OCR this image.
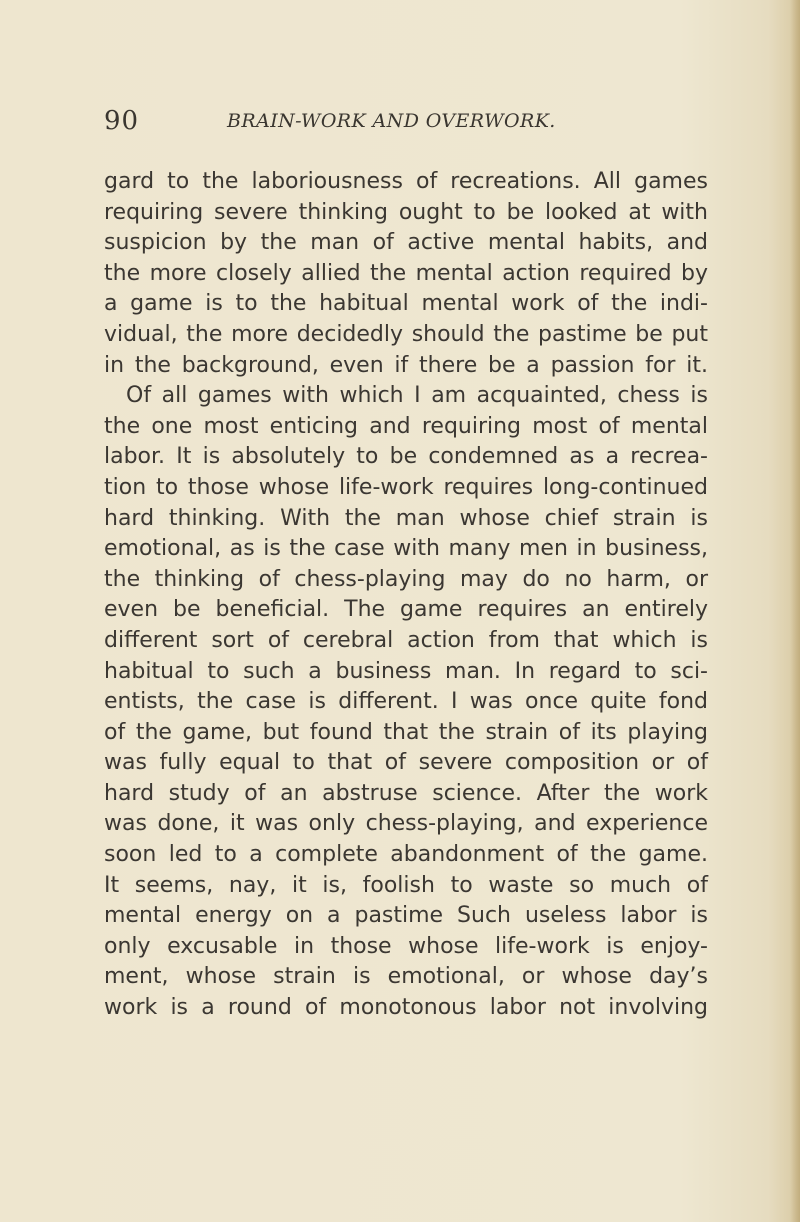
90	BRAIN-WORK AND OVERWORK.
gard to the laboriousness of recreations. All games
requiring severe thinking ought to be looked at with
suspicion by the man of active mental habits, and
the more closely allied the mental action required by
a game is to the habitual mental work of the indi-
vidual, the more decidedly should the pastime be put
in the background, even if there be a passion for it.
Of all games with which I am acquainted, chess is
the one most enticing and requiring most of mental
labor. It is absolutely to be condemned as a recrea-
tion to those whose life-work requires long-continued
hard thinking. With the man whose chief strain is
emotional, as is the case with many men in business,
the thinking of chess-playing may do no harm, or
even be beneficial. The game requires an entirely
different sort of cerebral action from that which is
habitual to such a business man. In regard to sci-
entists, the case is different. I was once quite fond
of the game, but found that the strain of its playing
was fully equal to that of severe composition or of
hard study of an abstruse science. After the work
was done, it was only chess-playing, and experience
soon led to a complete abandonment of the game.
It seems, nay, it is, foolish to waste so much of
mental energy on a pastime Such useless labor is
only excusable in those whose life-work is enjoy-
ment, whose strain is emotional, or whose day’s
work is a round of monotonous labor not involving
